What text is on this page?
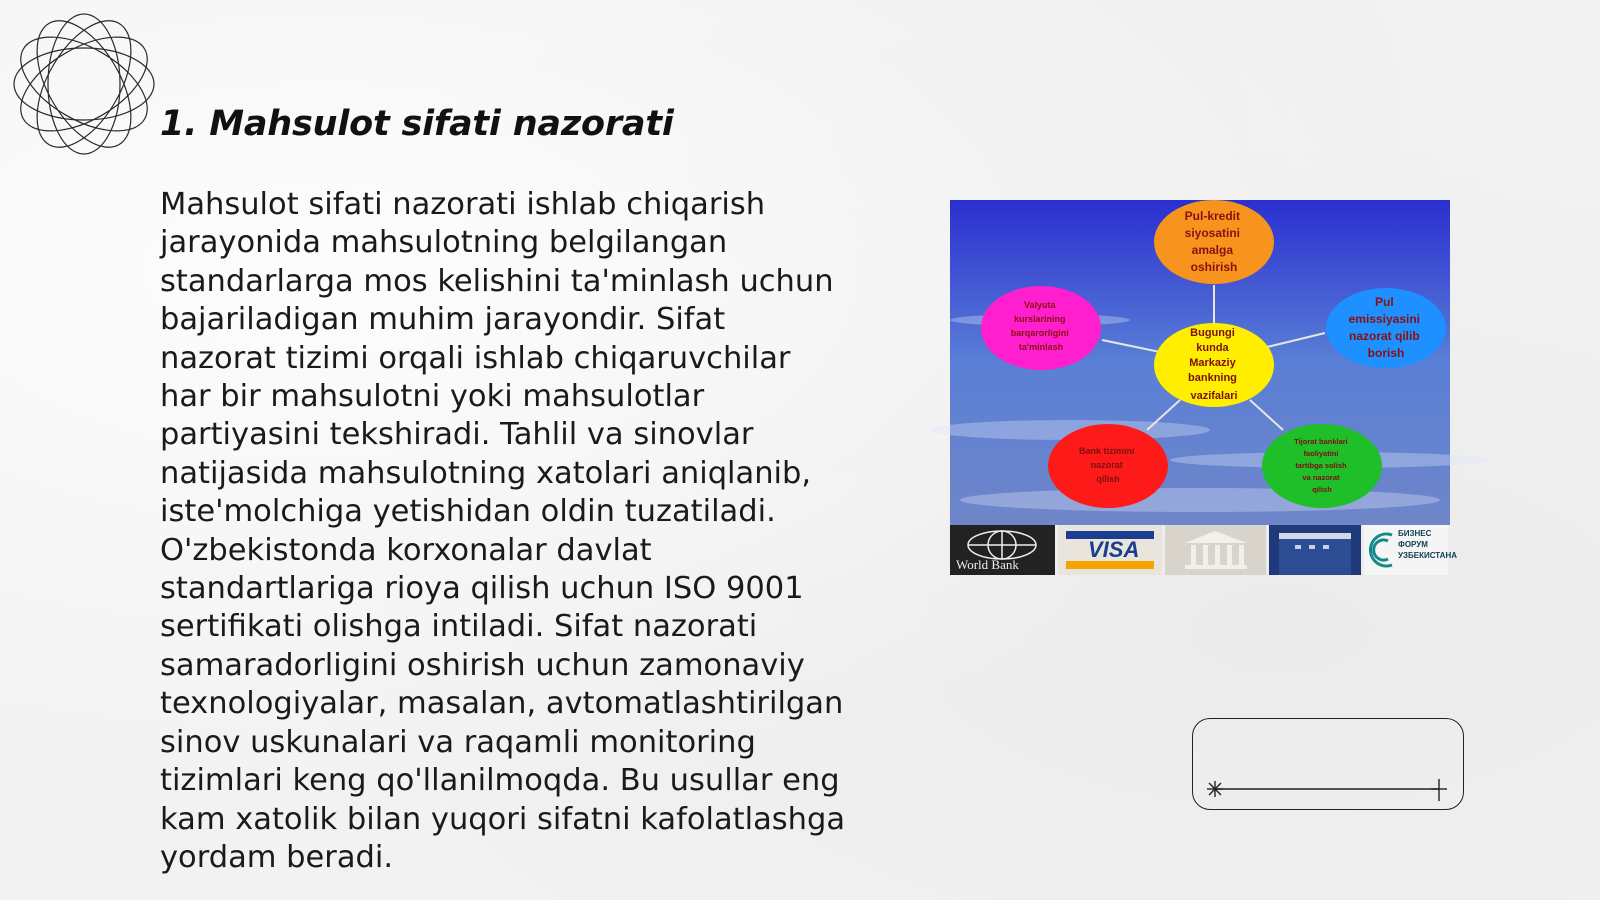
1. Mahsulot sifati nazorati

Mahsulot sifati nazorati ishlab chiqarish jarayonida mahsulotning belgilangan standarlarga mos kelishini ta'minlash uchun bajariladigan muhim jarayondir. Sifat nazorat tizimi orqali ishlab chiqaruvchilar har bir mahsulotni yoki mahsulotlar partiyasini tekshiradi. Tahlil va sinovlar natijasida mahsulotning xatolari aniqlanib, iste'molchiga yetishidan oldin tuzatiladi. O'zbekistonda korxonalar davlat standartlariga rioya qilish uchun ISO 9001 sertifikati olishga intiladi. Sifat nazorati samaradorligini oshirish uchun zamonaviy texnologiyalar, masalan, avtomatlashtirilgan sinov uskunalari va raqamli monitoring tizimlari keng qo'llanilmoqda. Bu usullar eng kam xatolik bilan yuqori sifatni kafolatlashga yordam beradi.

Pul-kredit siyosatini amalga oshirish
Pul emissiyasini nazorat qilib borish
Valyuta kurslarining barqarorligini ta'minlash
Bugungi kunda Markaziy bankning vazifalari
Bank tizimini nazorat qilish
Tijorat banklari faoliyatini tartibga solish va nazorat qilish
World Bank
VISA
БИЗНЕС
ФОРУМ
УЗБЕКИСТАНА
